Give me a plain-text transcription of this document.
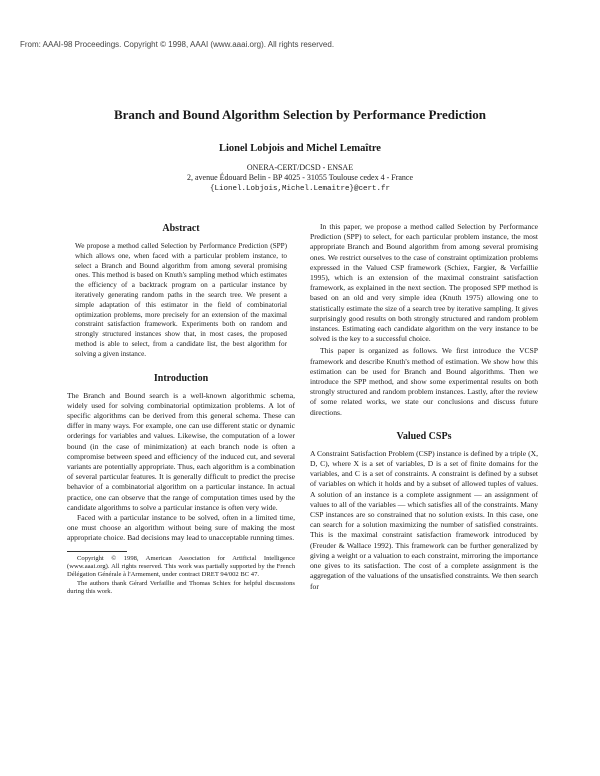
From: AAAI-98 Proceedings. Copyright © 1998, AAAI (www.aaai.org). All rights reserved.
Branch and Bound Algorithm Selection by Performance Prediction
Lionel Lobjois and Michel Lemaître
ONERA-CERT/DCSD - ENSAE
2, avenue Édouard Belin - BP 4025 - 31055 Toulouse cedex 4 - France
{Lionel.Lobjois,Michel.Lemaitre}@cert.fr
Abstract

We propose a method called Selection by Performance Prediction (SPP) which allows one, when faced with a particular problem instance, to select a Branch and Bound algorithm from among several promising ones. This method is based on Knuth's sampling method which estimates the efficiency of a backtrack program on a particular instance by iteratively generating random paths in the search tree. We present a simple adaptation of this estimator in the field of combinatorial optimization problems, more precisely for an extension of the maximal constraint satisfaction framework. Experiments both on random and strongly structured instances show that, in most cases, the proposed method is able to select, from a candidate list, the best algorithm for solving a given instance.

Introduction

The Branch and Bound search is a well-known algorithmic schema, widely used for solving combinatorial optimization problems. A lot of specific algorithms can be derived from this general schema. These can differ in many ways. For example, one can use different static or dynamic orderings for variables and values. Likewise, the computation of a lower bound (in the case of minimization) at each branch node is often a compromise between speed and efficiency of the induced cut, and several variants are potentially appropriate. Thus, each algorithm is a combination of several particular features. It is generally difficult to predict the precise behavior of a combinatorial algorithm on a particular instance. In actual practice, one can observe that the range of computation times used by the candidate algorithms to solve a particular instance is often very wide.

Faced with a particular instance to be solved, often in a limited time, one must choose an algorithm without being sure of making the most appropriate choice. Bad decisions may lead to unacceptable running times.

Copyright © 1998, American Association for Artificial Intelligence (www.aaai.org). All rights reserved. This work was partially supported by the French Délégation Générale à l'Armement, under contract DRET 94/002 BC 47.

The authors thank Gérard Verfaillie and Thomas Schiex for helpful discussions during this work.

In this paper, we propose a method called Selection by Performance Prediction (SPP) to select, for each particular problem instance, the most appropriate Branch and Bound algorithm from among several promising ones. We restrict ourselves to the case of constraint optimization problems expressed in the Valued CSP framework (Schiex, Fargier, & Verfaillie 1995), which is an extension of the maximal constraint satisfaction framework, as explained in the next section. The proposed SPP method is based on an old and very simple idea (Knuth 1975) allowing one to statistically estimate the size of a search tree by iterative sampling. It gives surprisingly good results on both strongly structured and random problem instances. Estimating each candidate algorithm on the very instance to be solved is the key to a successful choice.

This paper is organized as follows. We first introduce the VCSP framework and describe Knuth's method of estimation. We show how this estimation can be used for Branch and Bound algorithms. Then we introduce the SPP method, and show some experimental results on both strongly structured and random problem instances. Lastly, after the review of some related works, we state our conclusions and discuss future directions.

Valued CSPs

A Constraint Satisfaction Problem (CSP) instance is defined by a triple (X, D, C), where X is a set of variables, D is a set of finite domains for the variables, and C is a set of constraints. A constraint is defined by a subset of variables on which it holds and by a subset of allowed tuples of values. A solution of an instance is a complete assignment — an assignment of values to all of the variables — which satisfies all of the constraints. Many CSP instances are so constrained that no solution exists. In this case, one can search for a solution maximizing the number of satisfied constraints. This is the maximal constraint satisfaction framework introduced by (Freuder & Wallace 1992). This framework can be further generalized by giving a weight or a valuation to each constraint, mirroring the importance one gives to its satisfaction. The cost of a complete assignment is the aggregation of the valuations of the unsatisfied constraints. We then search for
